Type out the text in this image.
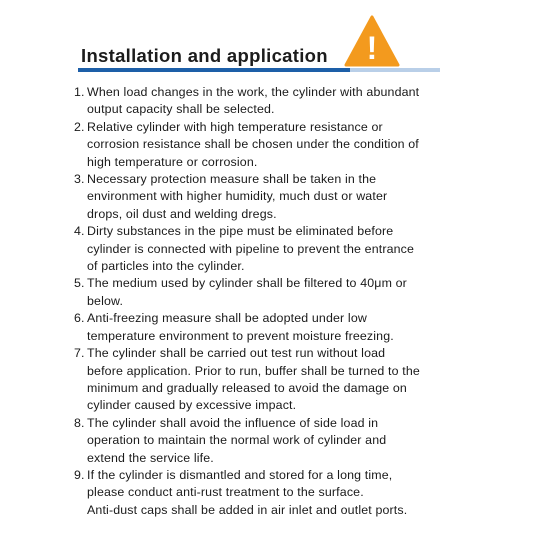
Installation and application !
1. When load changes in the work, the cylinder with abundant
output capacity shall be selected.
2. Relative cylinder with high temperature resistance or
corrosion resistance shall be chosen under the condition of
high temperature or corrosion.
3. Necessary protection measure shall be taken in the
environment with higher humidity, much dust or water
drops, oil dust and welding dregs.
4. Dirty substances in the pipe must be eliminated before
cylinder is connected with pipeline to prevent the entrance
of particles into the cylinder.
5. The medium used by cylinder shall be filtered to 40μm or
below.
6. Anti-freezing measure shall be adopted under low
temperature environment to prevent moisture freezing.
7. The cylinder shall be carried out test run without load
before application. Prior to run, buffer shall be turned to the
minimum and gradually released to avoid the damage on
cylinder caused by excessive impact.
8. The cylinder shall avoid the influence of side load in
operation to maintain the normal work of cylinder and
extend the service life.
9. If the cylinder is dismantled and stored for a long time,
please conduct anti-rust treatment to the surface.
Anti-dust caps shall be added in air inlet and outlet ports.
